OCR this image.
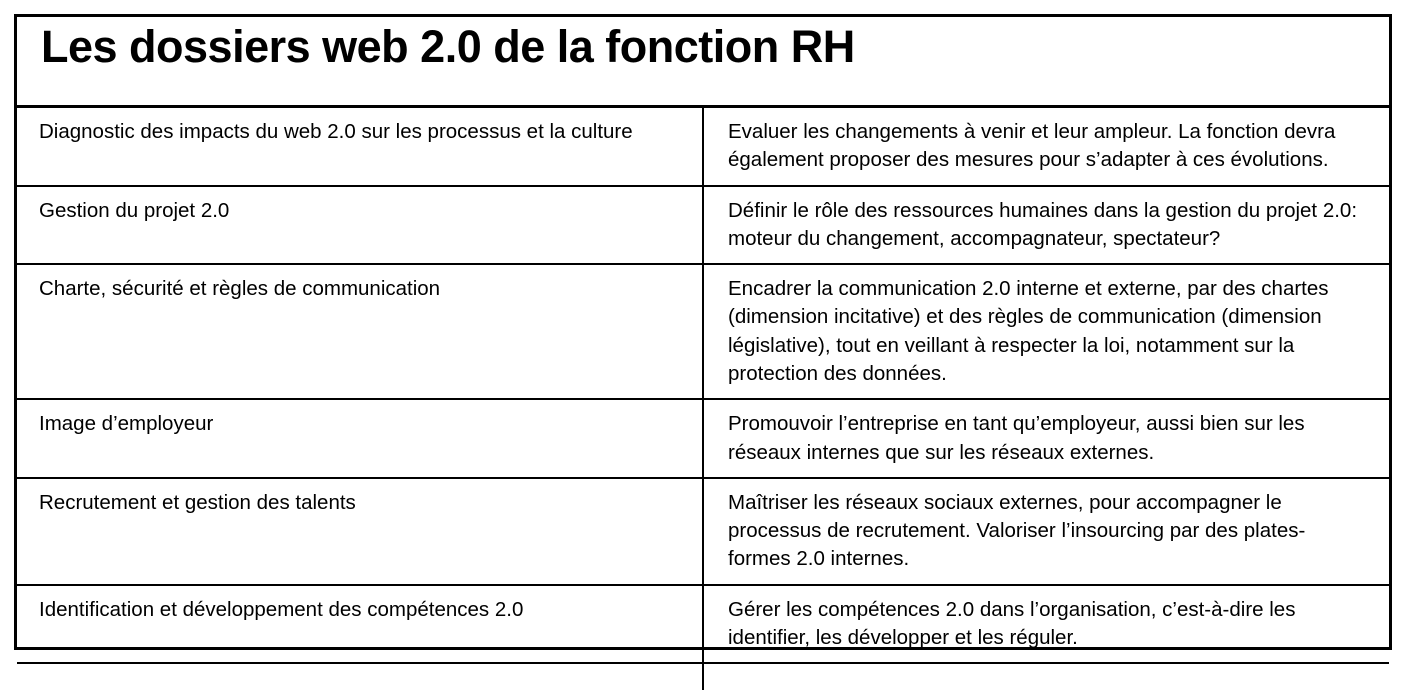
Les dossiers web 2.0 de la fonction RH	

Diagnostic des impacts du web 2.0 sur les processus et la culture	Evaluer les changements à venir et leur ampleur. La fonction devra également proposer des mesures pour s’adapter à ces évolutions.
Gestion du projet 2.0	Définir le rôle des ressources humaines dans la gestion du projet 2.0: moteur du changement, accompagnateur, spectateur?
Charte, sécurité et règles de communication	Encadrer la communication 2.0 interne et externe, par des chartes (dimension incitative) et des règles de communication (dimension législative), tout en veillant à respecter la loi, notamment sur la protection des données.
Image d’employeur	Promouvoir l’entreprise en tant qu’employeur, aussi bien sur les réseaux internes que sur les réseaux externes.
Recrutement et gestion des talents	Maîtriser les réseaux sociaux externes, pour accompagner le processus de recrutement. Valoriser l’insourcing par des plates-formes 2.0 internes.
Identification et développement des compétences 2.0	Gérer les compétences 2.0 dans l’organisation, c’est-à-dire les identifier, les développer et les réguler.
